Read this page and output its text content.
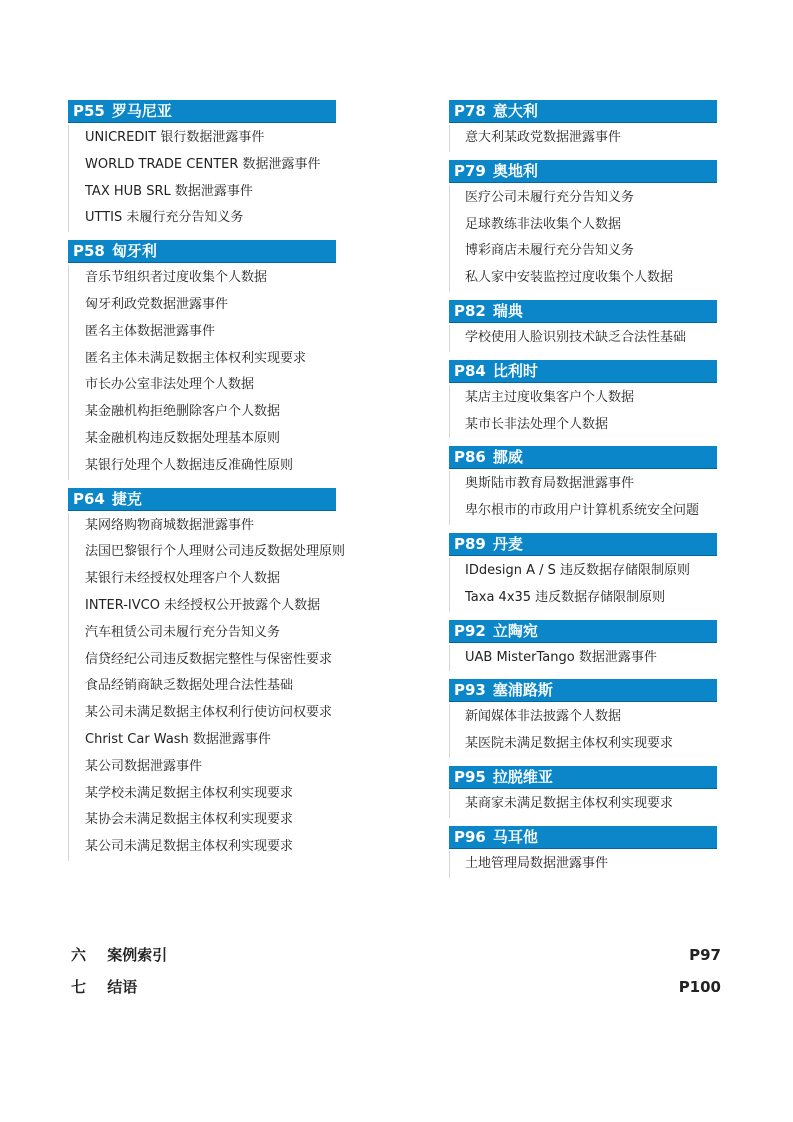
P55 罗马尼亚
UNICREDIT 银行数据泄露事件
WORLD TRADE CENTER 数据泄露事件
TAX HUB SRL 数据泄露事件
UTTIS 未履行充分告知义务
P58 匈牙利
音乐节组织者过度收集个人数据
匈牙利政党数据泄露事件
匿名主体数据泄露事件
匿名主体未满足数据主体权利实现要求
市长办公室非法处理个人数据
某金融机构拒绝删除客户个人数据
某金融机构违反数据处理基本原则
某银行处理个人数据违反准确性原则
P64 捷克
某网络购物商城数据泄露事件
法国巴黎银行个人理财公司违反数据处理原则
某银行未经授权处理客户个人数据
INTER-IVCO 未经授权公开披露个人数据
汽车租赁公司未履行充分告知义务
信贷经纪公司违反数据完整性与保密性要求
食品经销商缺乏数据处理合法性基础
某公司未满足数据主体权利行使访问权要求
Christ Car Wash 数据泄露事件
某公司数据泄露事件
某学校未满足数据主体权利实现要求
某协会未满足数据主体权利实现要求
某公司未满足数据主体权利实现要求
P78 意大利
意大利某政党数据泄露事件
P79 奥地利
医疗公司未履行充分告知义务
足球教练非法收集个人数据
博彩商店未履行充分告知义务
私人家中安装监控过度收集个人数据
P82 瑞典
学校使用人脸识别技术缺乏合法性基础
P84 比利时
某店主过度收集客户个人数据
某市长非法处理个人数据
P86 挪威
奥斯陆市教育局数据泄露事件
卑尔根市的市政用户计算机系统安全问题
P89 丹麦
IDdesign A / S 违反数据存储限制原则
Taxa 4x35 违反数据存储限制原则
P92 立陶宛
UAB MisterTango 数据泄露事件
P93 塞浦路斯
新闻媒体非法披露个人数据
某医院未满足数据主体权利实现要求
P95 拉脱维亚
某商家未满足数据主体权利实现要求
P96 马耳他
土地管理局数据泄露事件
六 案例索引	P97
七 结语	P100
